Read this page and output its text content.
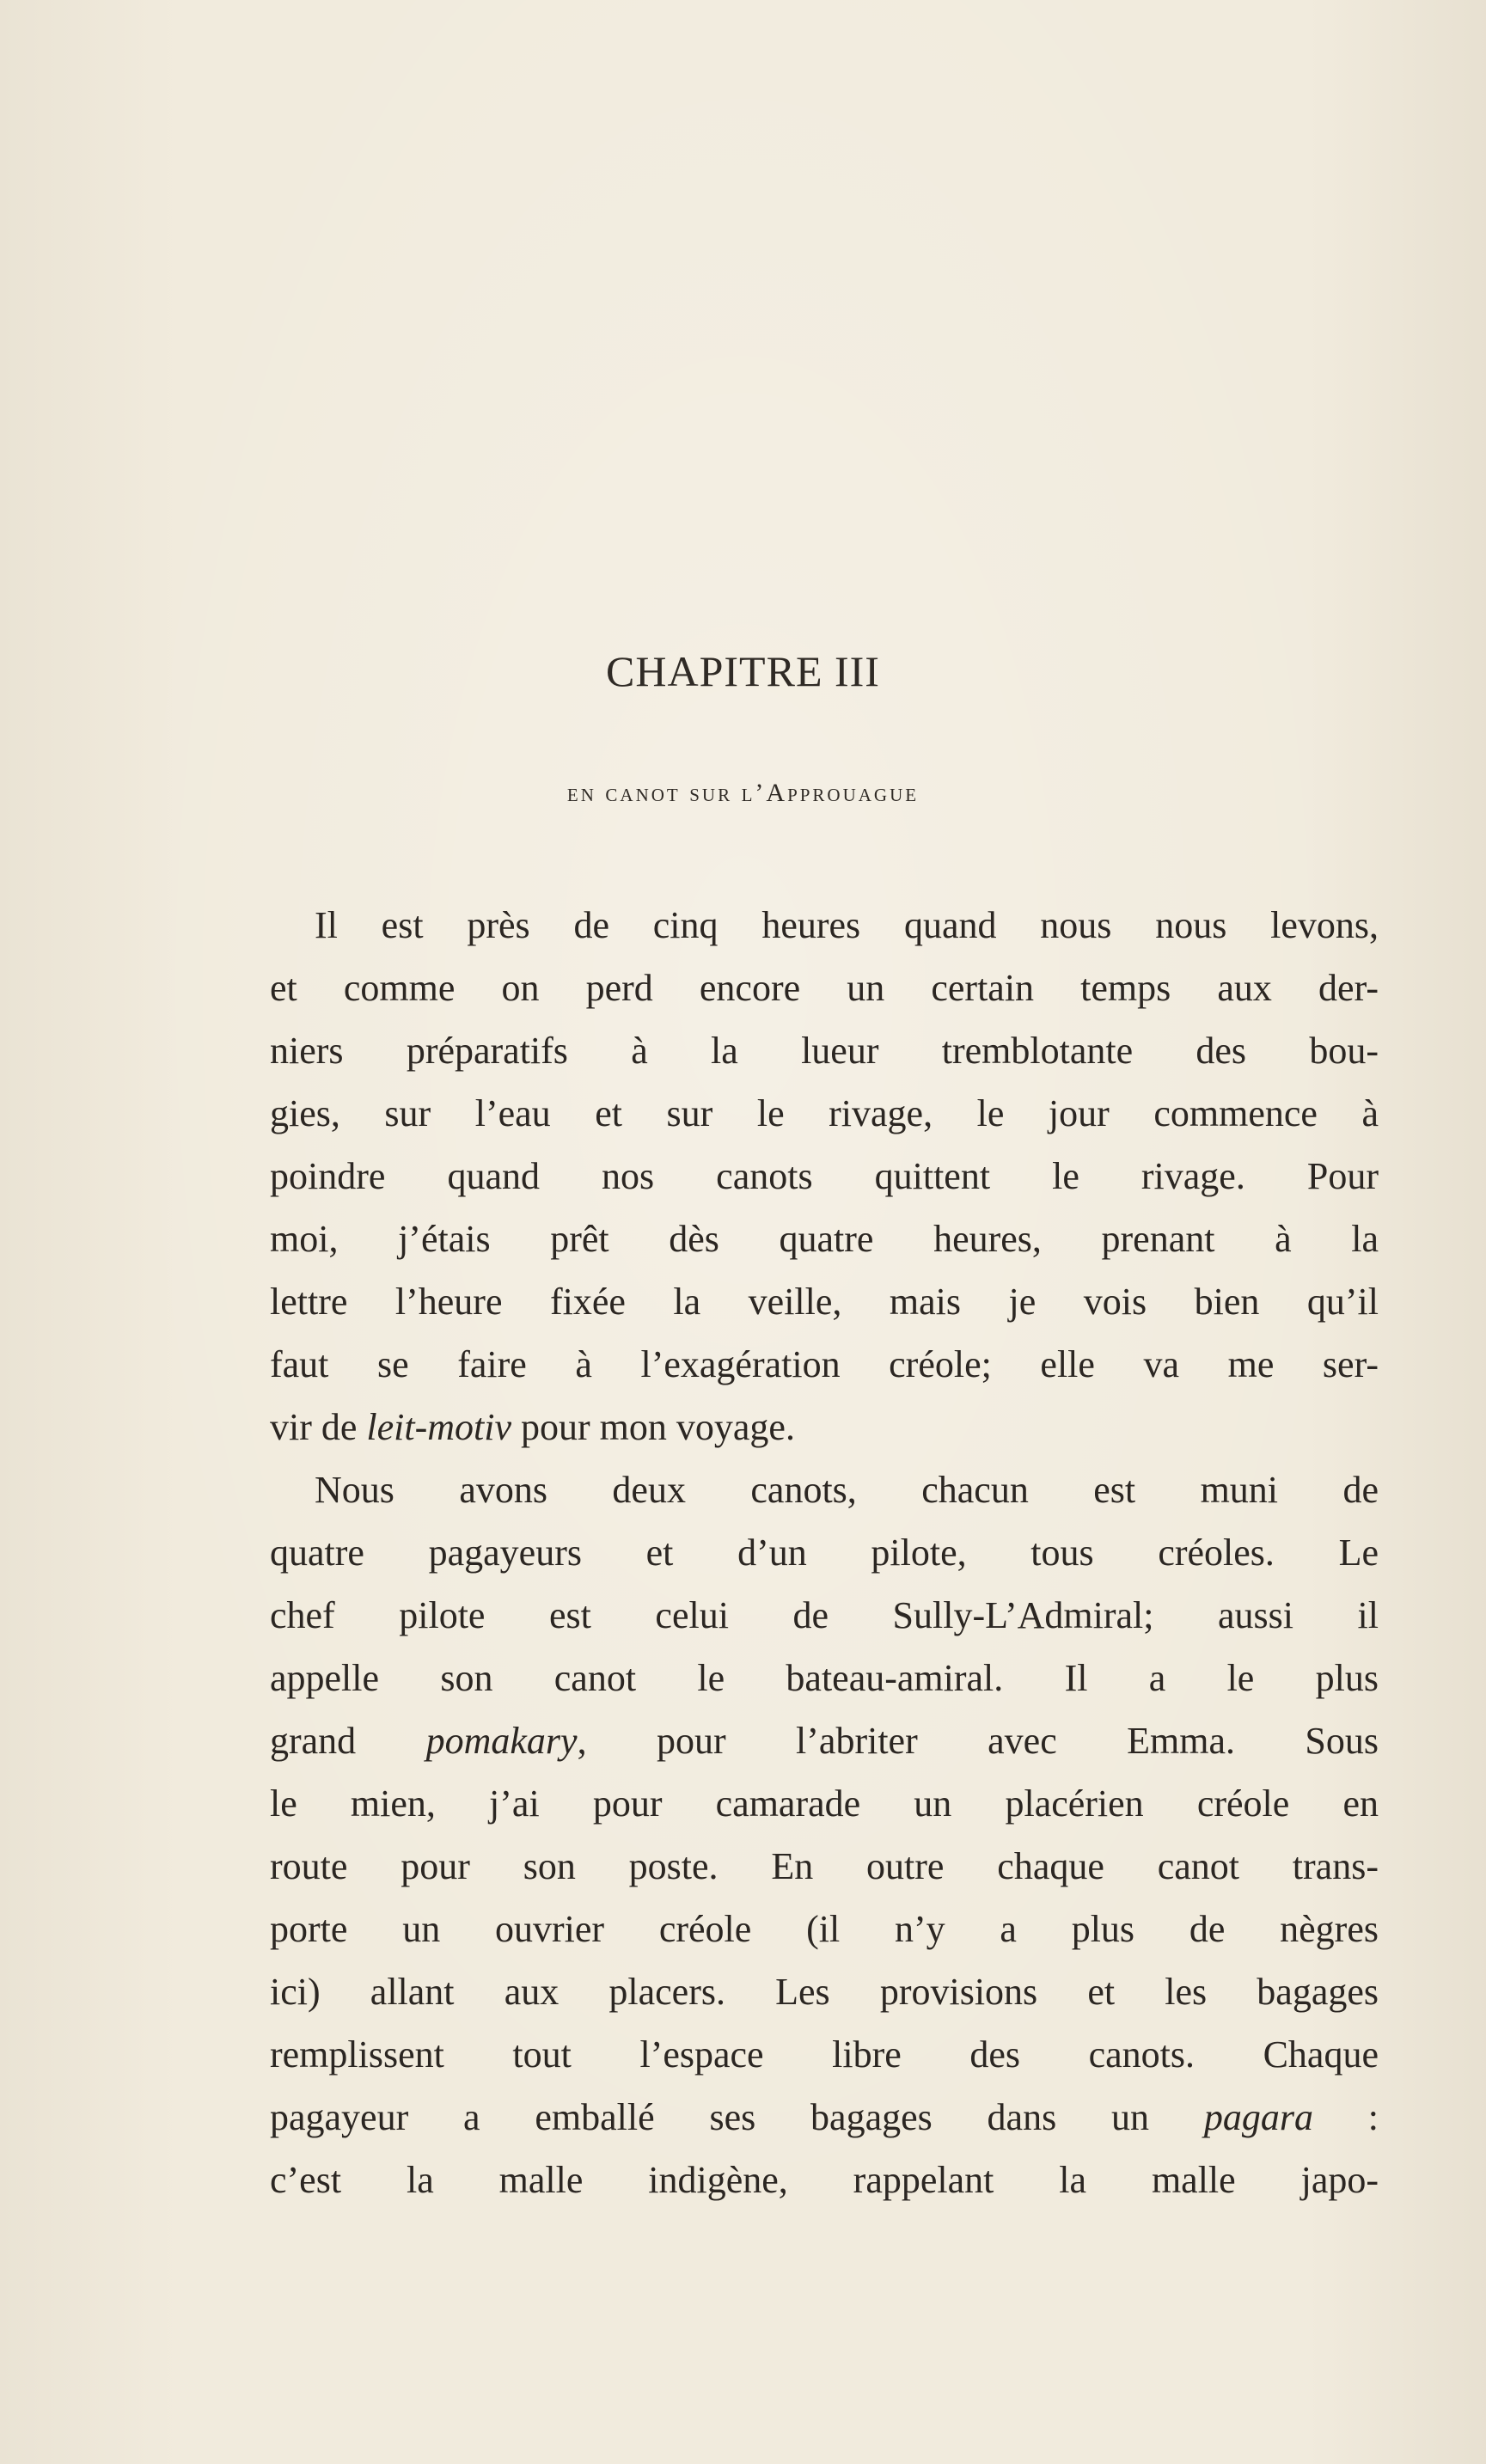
CHAPITRE III
en canot sur l’Approuague
Il est près de cinq heures quand nous nous levons,
et comme on perd encore un certain temps aux der-
niers préparatifs à la lueur tremblotante des bou-
gies, sur l’eau et sur le rivage, le jour commence à
poindre quand nos canots quittent le rivage. Pour
moi, j’étais prêt dès quatre heures, prenant à la
lettre l’heure fixée la veille, mais je vois bien qu’il
faut se faire à l’exagération créole; elle va me ser-
vir de leit-motiv pour mon voyage.
Nous avons deux canots, chacun est muni de
quatre pagayeurs et d’un pilote, tous créoles. Le
chef pilote est celui de Sully-L’Admiral; aussi il
appelle son canot le bateau-amiral. Il a le plus
grand pomakary, pour l’abriter avec Emma. Sous
le mien, j’ai pour camarade un placérien créole en
route pour son poste. En outre chaque canot trans-
porte un ouvrier créole (il n’y a plus de nègres
ici) allant aux placers. Les provisions et les bagages
remplissent tout l’espace libre des canots. Chaque
pagayeur a emballé ses bagages dans un pagara :
c’est la malle indigène, rappelant la malle japo-
